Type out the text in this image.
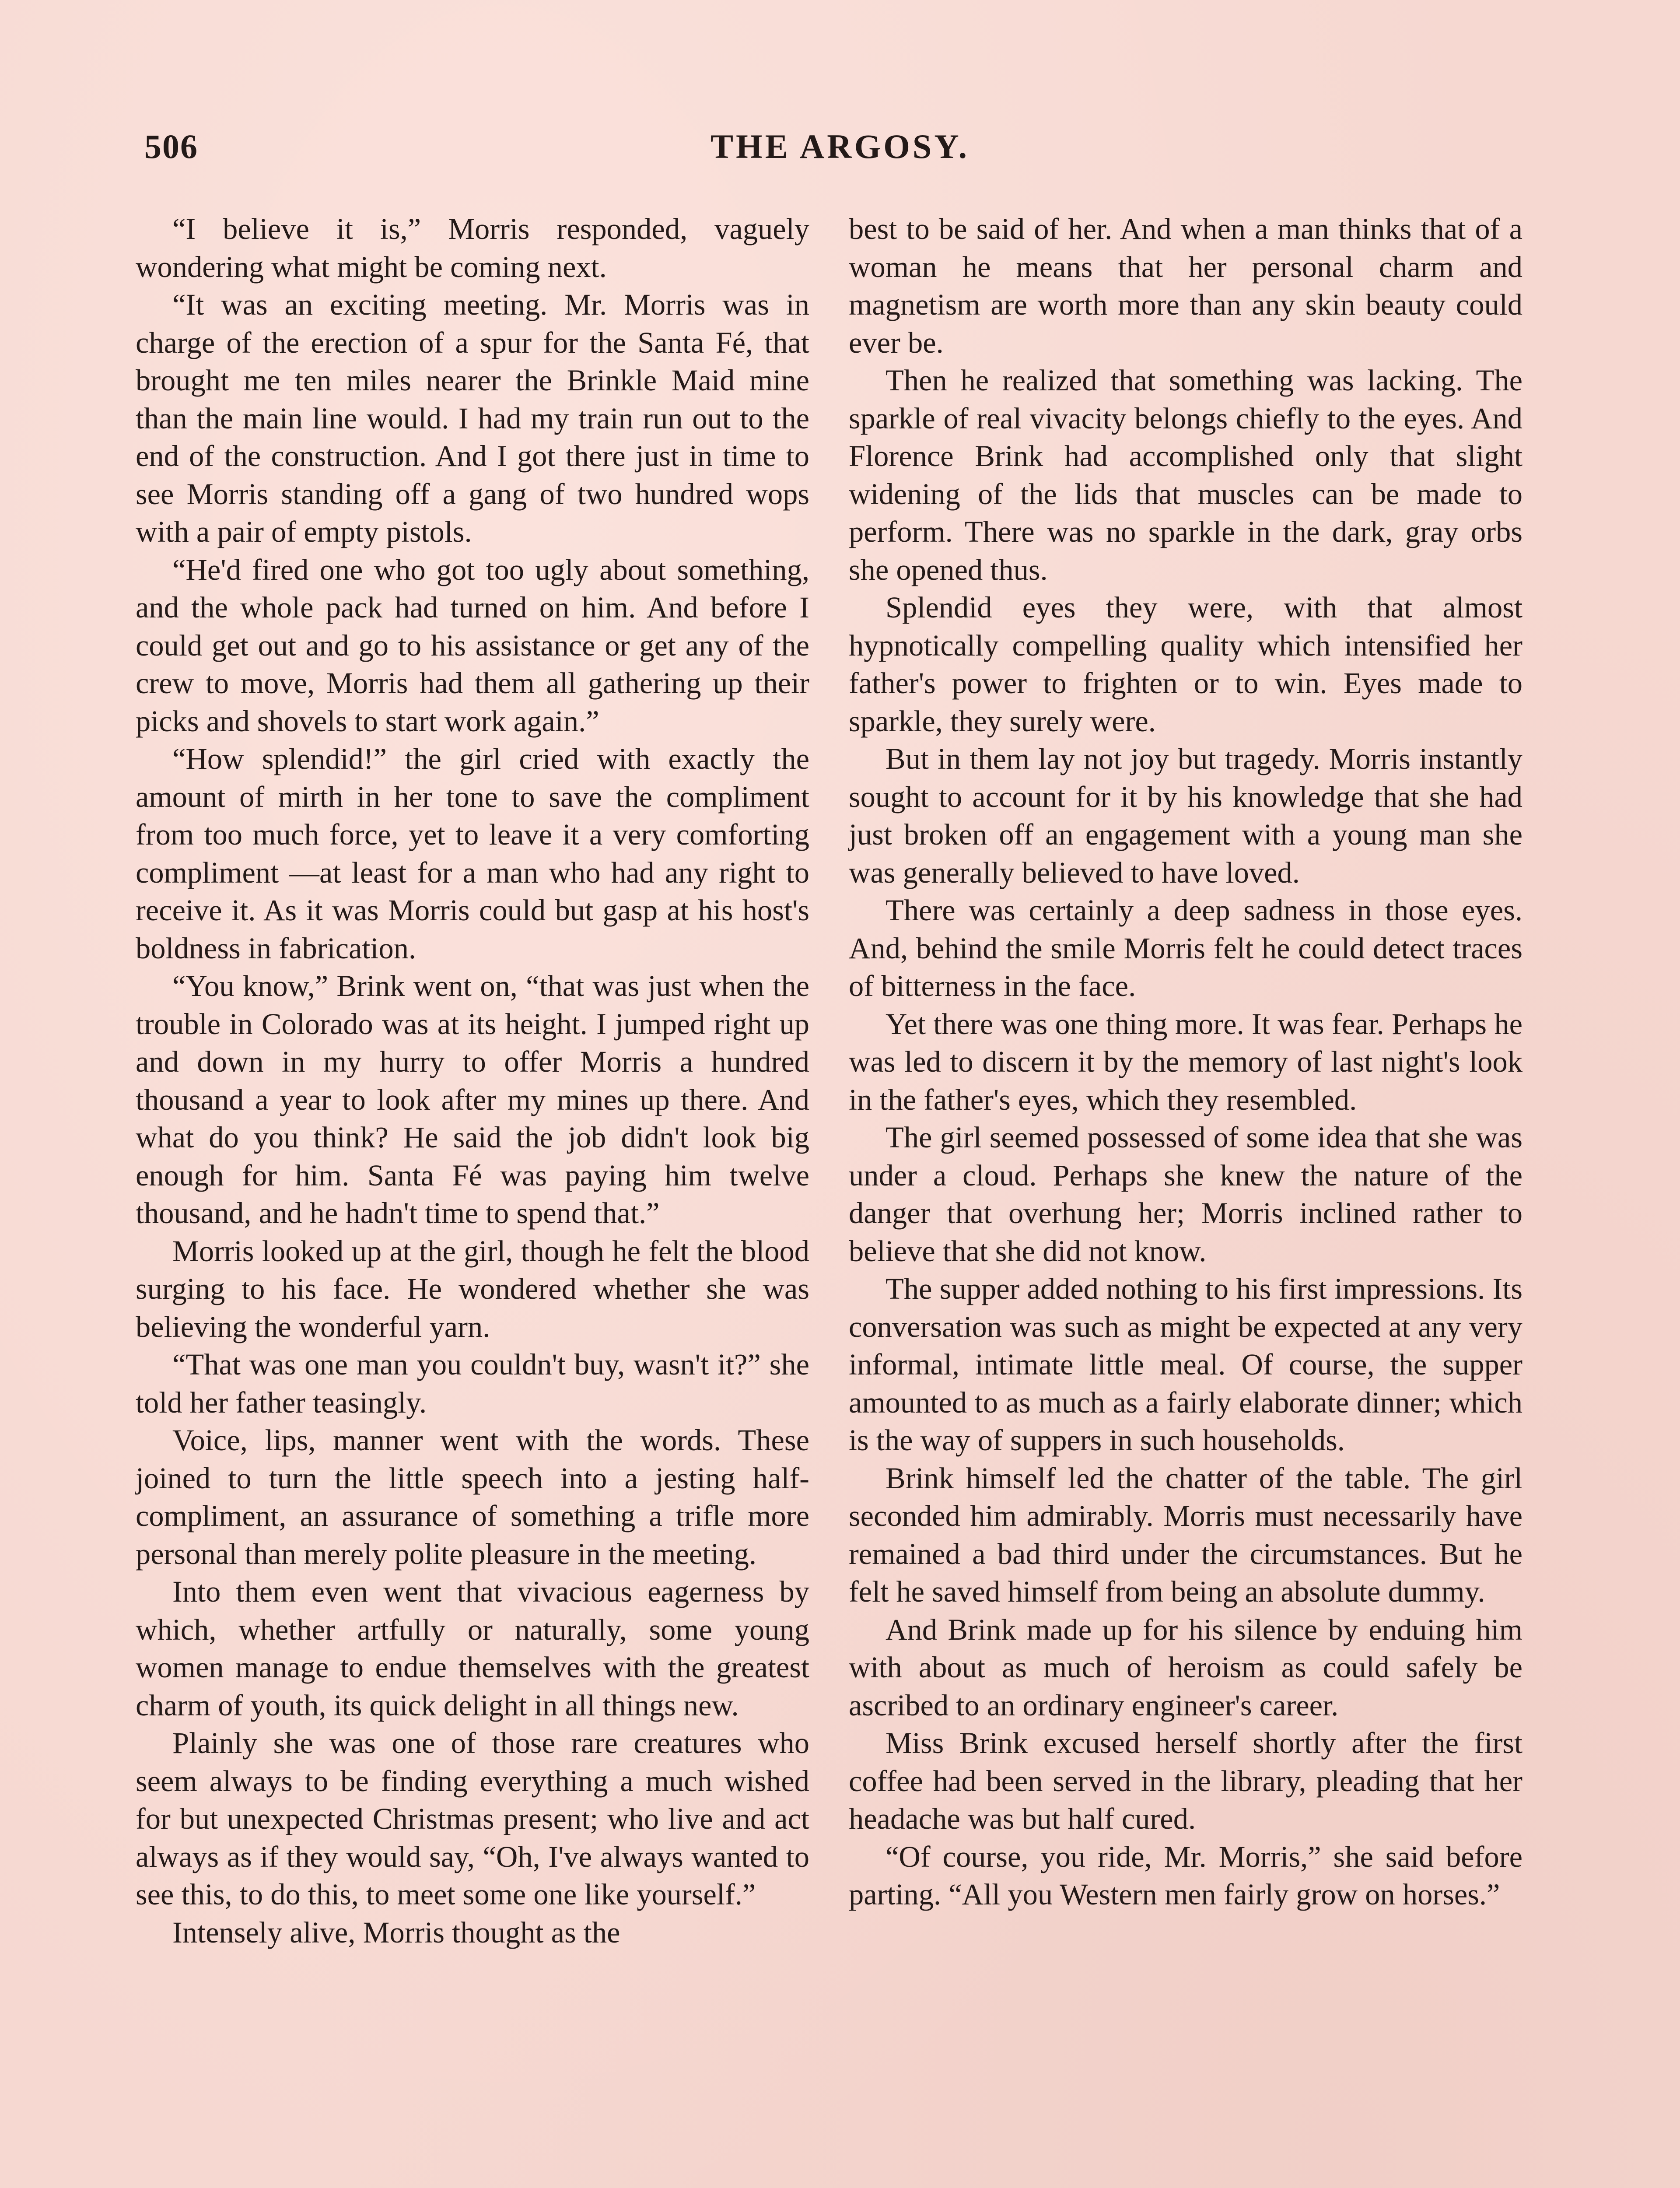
506	THE ARGOSY.

“I believe it is,” Morris responded, vaguely wondering what might be coming next.

“It was an exciting meeting. Mr. Morris was in charge of the erection of a spur for the Santa Fé, that brought me ten miles nearer the Brinkle Maid mine than the main line would. I had my train run out to the end of the construction. And I got there just in time to see Morris standing off a gang of two hundred wops with a pair of empty pistols.

“He'd fired one who got too ugly about something, and the whole pack had turned on him. And before I could get out and go to his assistance or get any of the crew to move, Morris had them all gathering up their picks and shovels to start work again.”

“How splendid!” the girl cried with exactly the amount of mirth in her tone to save the compliment from too much force, yet to leave it a very comforting compliment —at least for a man who had any right to receive it. As it was Morris could but gasp at his host's boldness in fabrication.

“You know,” Brink went on, “that was just when the trouble in Colorado was at its height. I jumped right up and down in my hurry to offer Morris a hundred thousand a year to look after my mines up there. And what do you think? He said the job didn't look big enough for him. Santa Fé was paying him twelve thousand, and he hadn't time to spend that.”

Morris looked up at the girl, though he felt the blood surging to his face. He wondered whether she was believing the wonderful yarn.

“That was one man you couldn't buy, wasn't it?” she told her father teasingly.

Voice, lips, manner went with the words. These joined to turn the little speech into a jesting half-compliment, an assurance of something a trifle more personal than merely polite pleasure in the meeting.

Into them even went that vivacious eagerness by which, whether artfully or naturally, some young women manage to endue themselves with the greatest charm of youth, its quick delight in all things new.

Plainly she was one of those rare creatures who seem always to be finding everything a much wished for but unexpected Christmas present; who live and act always as if they would say, “Oh, I've always wanted to see this, to do this, to meet some one like yourself.”

Intensely alive, Morris thought as the

best to be said of her. And when a man thinks that of a woman he means that her personal charm and magnetism are worth more than any skin beauty could ever be.

Then he realized that something was lacking. The sparkle of real vivacity belongs chiefly to the eyes. And Florence Brink had accomplished only that slight widening of the lids that muscles can be made to perform. There was no sparkle in the dark, gray orbs she opened thus.

Splendid eyes they were, with that almost hypnotically compelling quality which intensified her father's power to frighten or to win. Eyes made to sparkle, they surely were.

But in them lay not joy but tragedy. Morris instantly sought to account for it by his knowledge that she had just broken off an engagement with a young man she was generally believed to have loved.

There was certainly a deep sadness in those eyes. And, behind the smile Morris felt he could detect traces of bitterness in the face.

Yet there was one thing more. It was fear. Perhaps he was led to discern it by the memory of last night's look in the father's eyes, which they resembled.

The girl seemed possessed of some idea that she was under a cloud. Perhaps she knew the nature of the danger that overhung her; Morris inclined rather to believe that she did not know.

The supper added nothing to his first impressions. Its conversation was such as might be expected at any very informal, intimate little meal. Of course, the supper amounted to as much as a fairly elaborate dinner; which is the way of suppers in such households.

Brink himself led the chatter of the table. The girl seconded him admirably. Morris must necessarily have remained a bad third under the circumstances. But he felt he saved himself from being an absolute dummy.

And Brink made up for his silence by enduing him with about as much of heroism as could safely be ascribed to an ordinary engineer's career.

Miss Brink excused herself shortly after the first coffee had been served in the library, pleading that her headache was but half cured.

“Of course, you ride, Mr. Morris,” she said before parting. “All you Western men fairly grow on horses.”
